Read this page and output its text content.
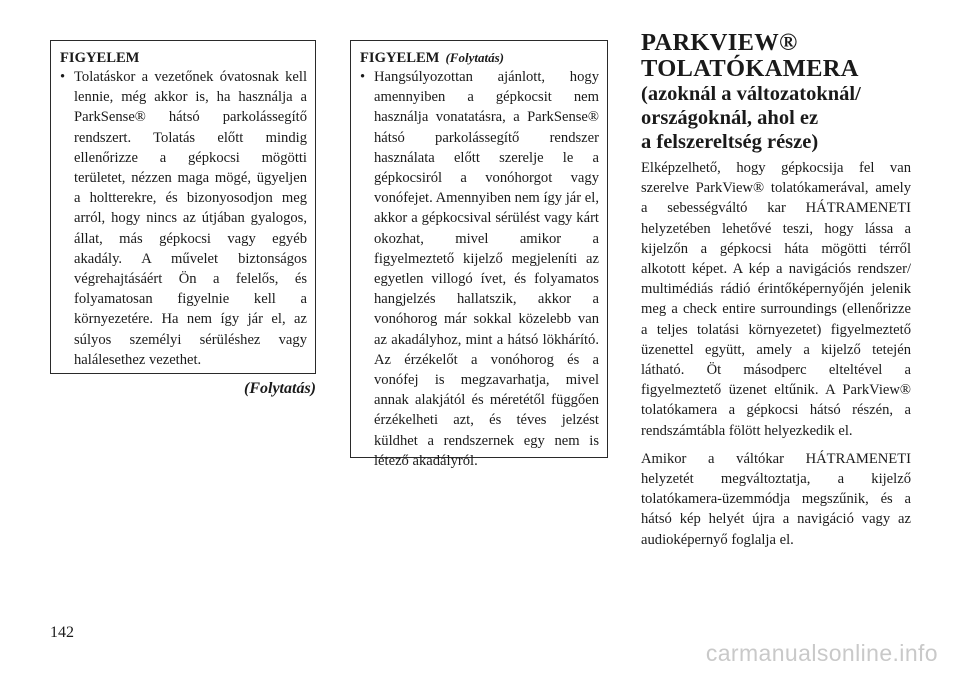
FIGYELEM
• Tolatáskor a vezetőnek óvatosnak kell lennie, még akkor is, ha használja a ParkSense® hátsó parkolássegítő rendszert. Tolatás előtt mindig ellenőrizze a gépkocsi mögötti területet, nézzen maga mögé, ügyeljen a holtterekre, és bizonyosodjon meg arról, hogy nincs az útjában gyalogos, állat, más gépkocsi vagy egyéb akadály. A művelet biztonságos végrehajtásáért Ön a felelős, és folyamatosan figyelnie kell a környezetére. Ha nem így jár el, az súlyos személyi sérüléshez vagy halálesethez vezethet.
(Folytatás)
FIGYELEM (Folytatás)
• Hangsúlyozottan ajánlott, hogy amennyiben a gépkocsit nem használja vonatatásra, a ParkSense® hátsó parkolássegítő rendszer használata előtt szerelje le a gépkocsiról a vonóhorgot vagy vonófejet. Amennyiben nem így jár el, akkor a gépkocsival sérülést vagy kárt okozhat, mivel amikor a figyelmeztető kijelző megjeleníti az egyetlen villogó ívet, és folyamatos hangjelzés hallatszik, akkor a vonóhorog már sokkal közelebb van az akadályhoz, mint a hátsó lökhárító. Az érzékelőt a vonóhorog és a vonófej is megzavarhatja, mivel annak alakjától és méretétől függően érzékelheti azt, és téves jelzést küldhet a rendszernek egy nem is létező akadályról.
PARKVIEW®
TOLATÓKAMERA
(azoknál a változatoknál/
országoknál, ahol ez
a felszereltség része)

Elképzelhető, hogy gépkocsija fel van szerelve ParkView® tolatókamerával, amely a sebességváltó kar HÁTRAMENETI helyzetében lehetővé teszi, hogy lássa a kijelzőn a gépkocsi háta mögötti térről alkotott képet. A kép a navigációs rendszer/ multimédiás rádió érintőképernyőjén jelenik meg a check entire surroundings (ellenőrizze a teljes tolatási környezetet) figyelmeztető üzenettel együtt, amely a kijelző tetején látható. Öt másodperc elteltével a figyelmeztető üzenet eltűnik. A ParkView® tolatókamera a gépkocsi hátsó részén, a rendszámtábla fölött helyezkedik el.

Amikor a váltókar HÁTRAMENETI helyzetét megváltoztatja, a kijelző tolatókamera-üzemmódja megszűnik, és a hátsó kép helyét újra a navigáció vagy az audioképernyő foglalja el.

142
carmanualsonline.info
